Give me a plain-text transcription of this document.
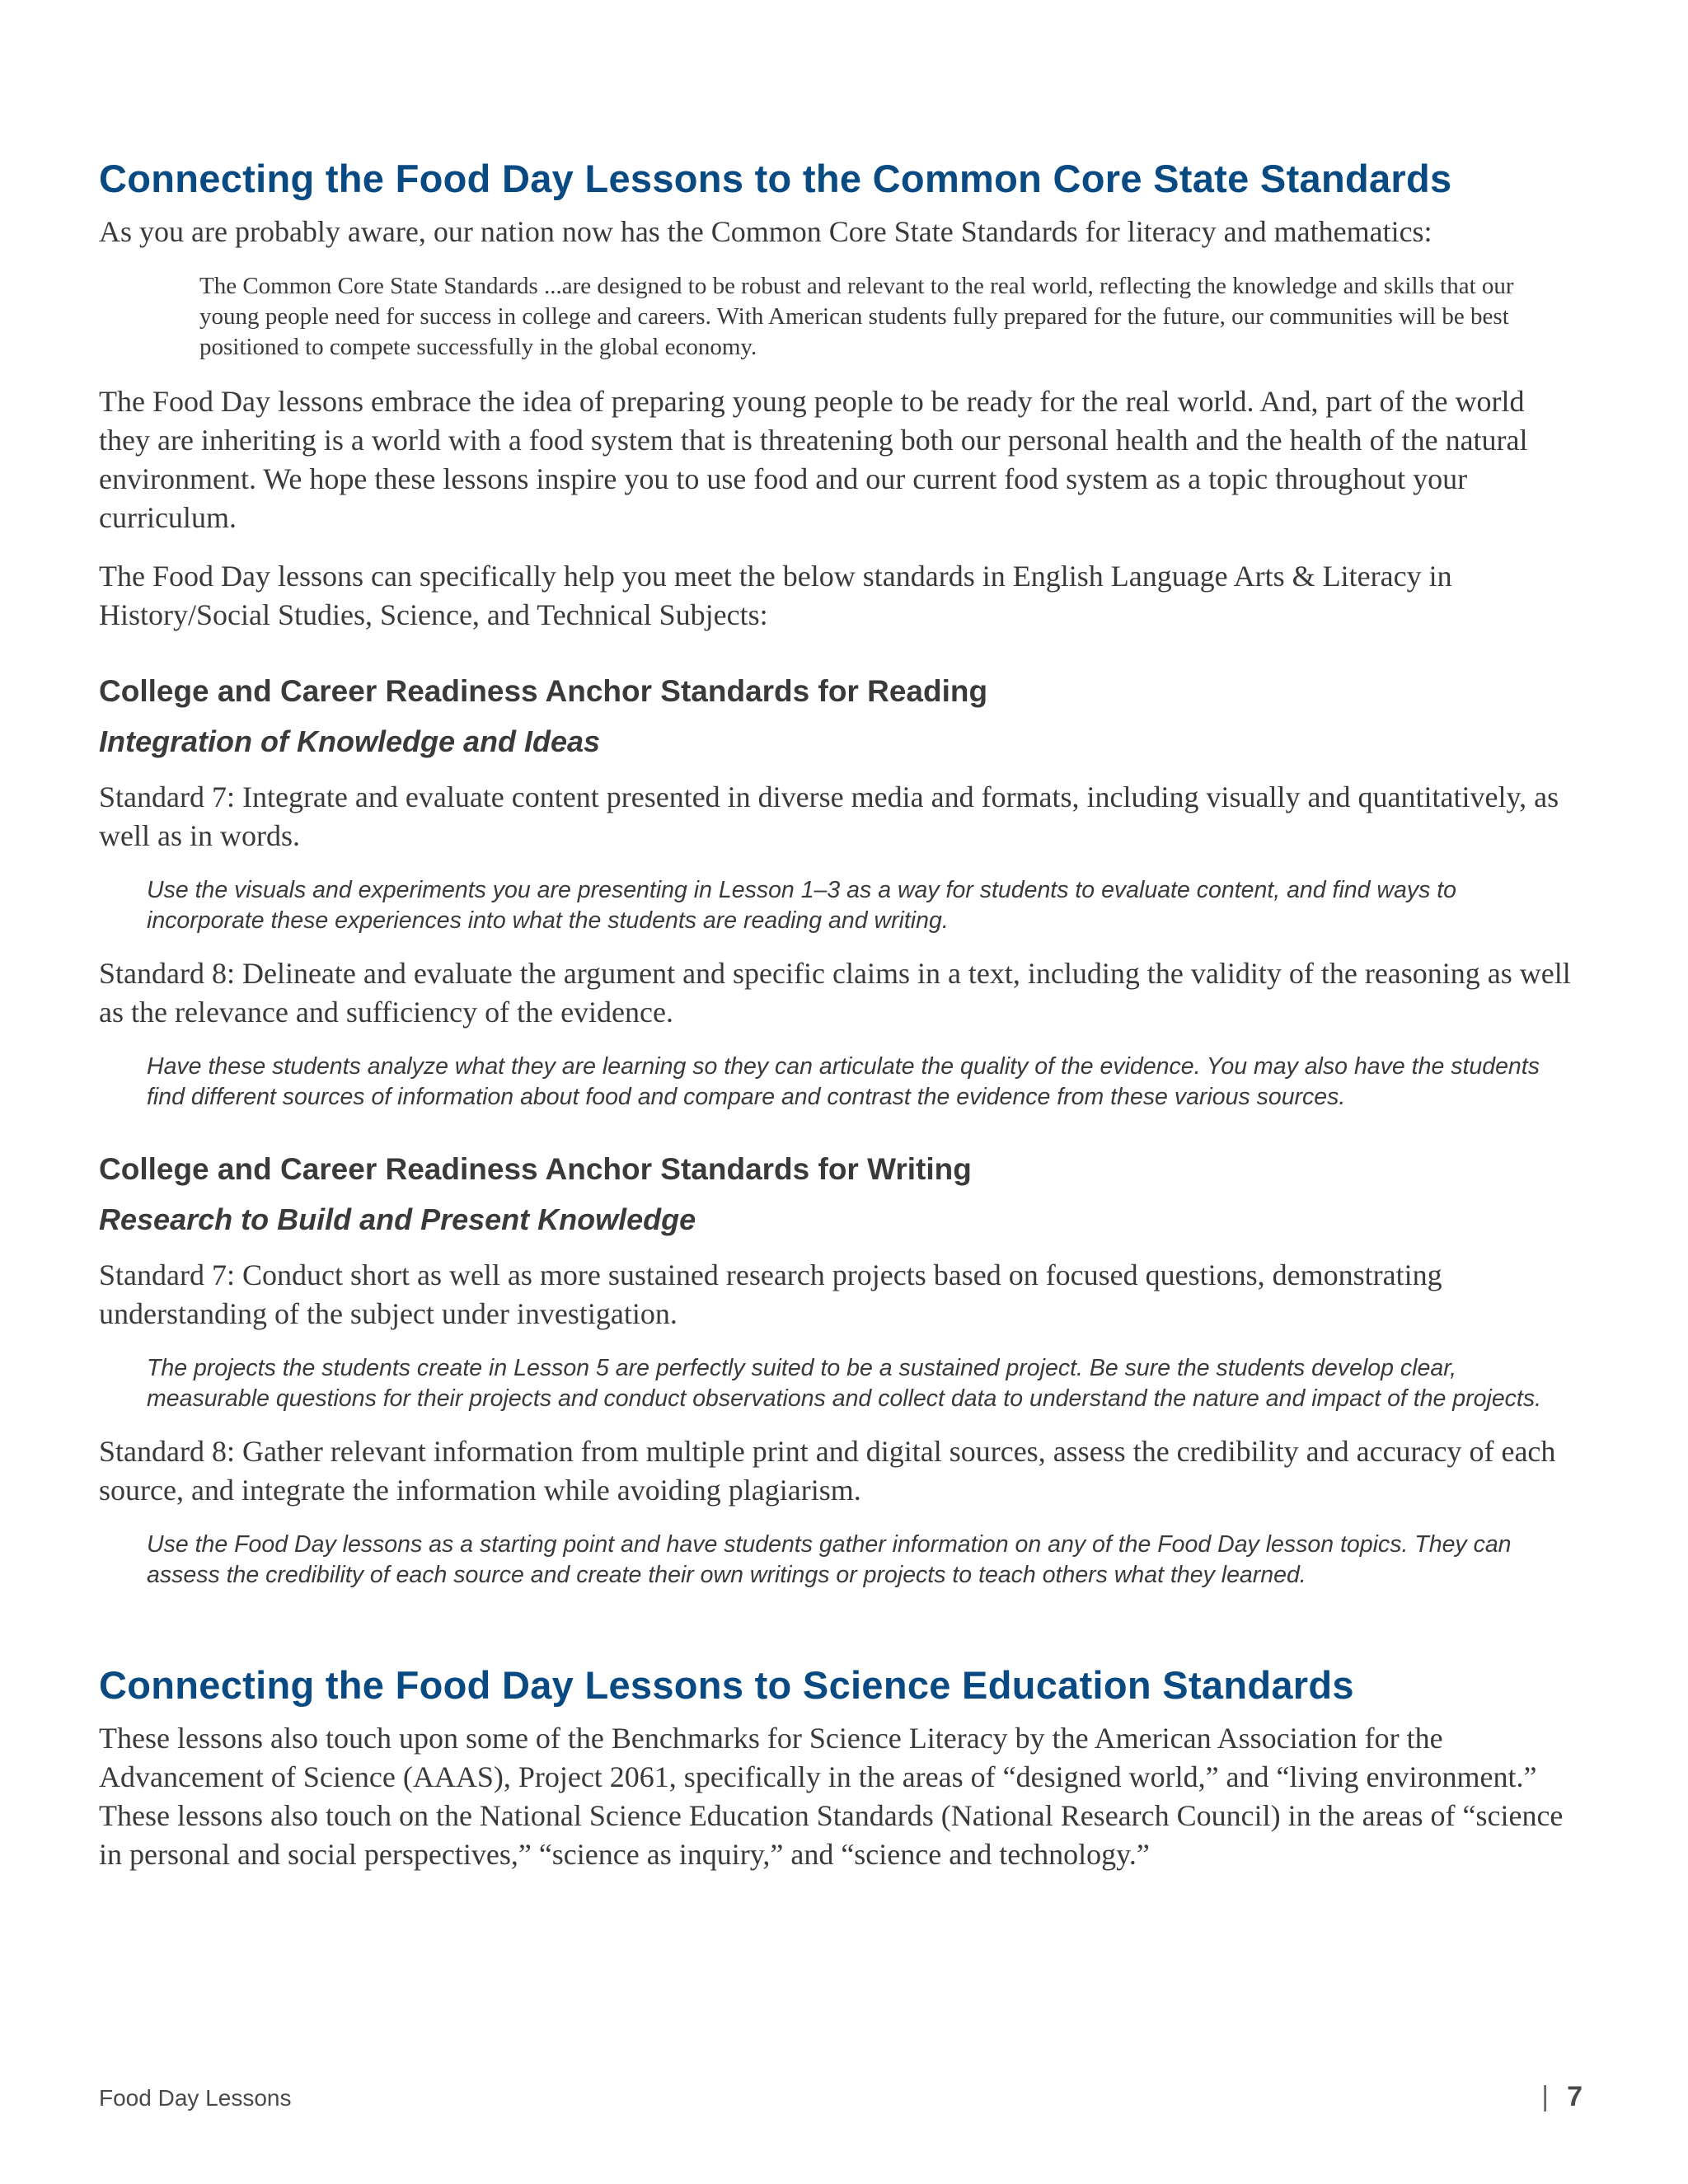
Connecting the Food Day Lessons to the Common Core State Standards

As you are probably aware, our nation now has the Common Core State Standards for literacy and mathematics:

The Common Core State Standards ...are designed to be robust and relevant to the real world, reflecting the knowledge and skills that our young people need for success in college and careers. With American students fully prepared for the future, our communities will be best positioned to compete successfully in the global economy.

The Food Day lessons embrace the idea of preparing young people to be ready for the real world. And, part of the world they are inheriting is a world with a food system that is threatening both our personal health and the health of the natural environment. We hope these lessons inspire you to use food and our current food system as a topic throughout your curriculum.

The Food Day lessons can specifically help you meet the below standards in English Language Arts & Literacy in History/Social Studies, Science, and Technical Subjects:

College and Career Readiness Anchor Standards for Reading
Integration of Knowledge and Ideas

Standard 7: Integrate and evaluate content presented in diverse media and formats, including visually and quantitatively, as well as in words.

Use the visuals and experiments you are presenting in Lesson 1–3 as a way for students to evaluate content, and find ways to incorporate these experiences into what the students are reading and writing.

Standard 8: Delineate and evaluate the argument and specific claims in a text, including the validity of the reasoning as well as the relevance and sufficiency of the evidence.

Have these students analyze what they are learning so they can articulate the quality of the evidence. You may also have the students find different sources of information about food and compare and contrast the evidence from these various sources.

College and Career Readiness Anchor Standards for Writing
Research to Build and Present Knowledge

Standard 7: Conduct short as well as more sustained research projects based on focused questions, demonstrating understanding of the subject under investigation.

The projects the students create in Lesson 5 are perfectly suited to be a sustained project. Be sure the students develop clear, measurable questions for their projects and conduct observations and collect data to understand the nature and impact of the projects.

Standard 8: Gather relevant information from multiple print and digital sources, assess the credibility and accuracy of each source, and integrate the information while avoiding plagiarism.

Use the Food Day lessons as a starting point and have students gather information on any of the Food Day lesson topics. They can assess the credibility of each source and create their own writings or projects to teach others what they learned.

Connecting the Food Day Lessons to Science Education Standards

These lessons also touch upon some of the Benchmarks for Science Literacy by the American Association for the Advancement of Science (AAAS), Project 2061, specifically in the areas of “designed world,” and “living environment.” These lessons also touch on the National Science Education Standards (National Research Council) in the areas of “science in personal and social perspectives,” “science as inquiry,” and “science and technology.”

Food Day Lessons	| 7
